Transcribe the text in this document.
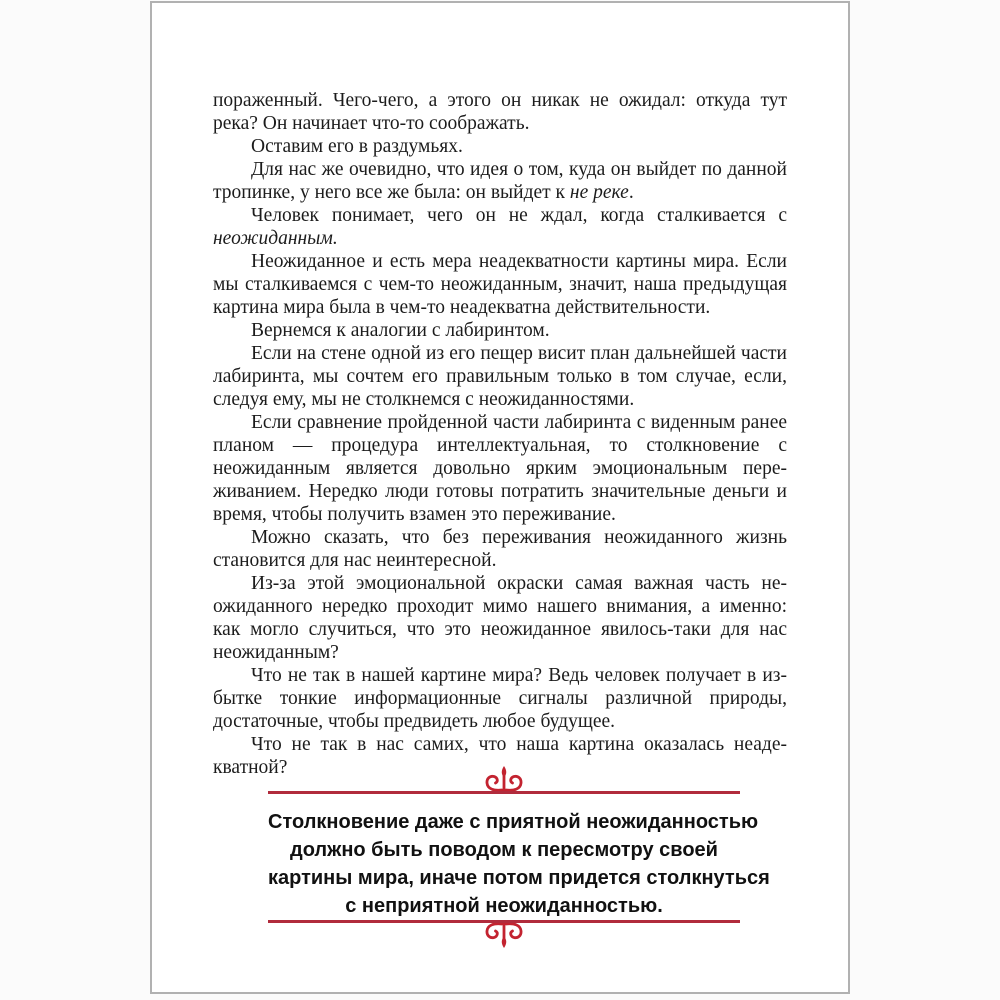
пораженный. Чего-чего, а этого он никак не ожидал: откуда тут река? Он начинает что-то соображать.

Оставим его в раздумьях.

Для нас же очевидно, что идея о том, куда он выйдет по данной тропинке, у него все же была: он выйдет к не реке.

Человек понимает, чего он не ждал, когда сталкивается с неожиданным.

Неожиданное и есть мера неадекватности картины мира. Если мы сталкиваемся с чем-то неожиданным, значит, наша предыдущая картина мира была в чем-то неадекватна действительности.

Вернемся к аналогии с лабиринтом.

Если на стене одной из его пещер висит план дальнейшей части лабиринта, мы сочтем его правильным только в том случае, если, следуя ему, мы не столкнемся с неожиданностями.

Если сравнение пройденной части лабиринта с виденным ранее планом — процедура интеллектуальная, то столкновение с неожиданным является довольно ярким эмоциональным переживанием. Нередко люди готовы потратить значительные деньги и время, чтобы получить взамен это переживание.

Можно сказать, что без переживания неожиданного жизнь становится для нас неинтересной.

Из-за этой эмоциональной окраски самая важная часть неожиданного нередко проходит мимо нашего внимания, а именно: как могло случиться, что это неожиданное явилось-таки для нас неожиданным?

Что не так в нашей картине мира? Ведь человек получает в избытке тонкие информационные сигналы различной природы, достаточные, чтобы предвидеть любое будущее.

Что не так в нас самих, что наша картина оказалась неадекватной?

Столкновение даже с приятной неожиданностью
должно быть поводом к пересмотру своей
картины мира, иначе потом придется столкнуться
с неприятной неожиданностью.
